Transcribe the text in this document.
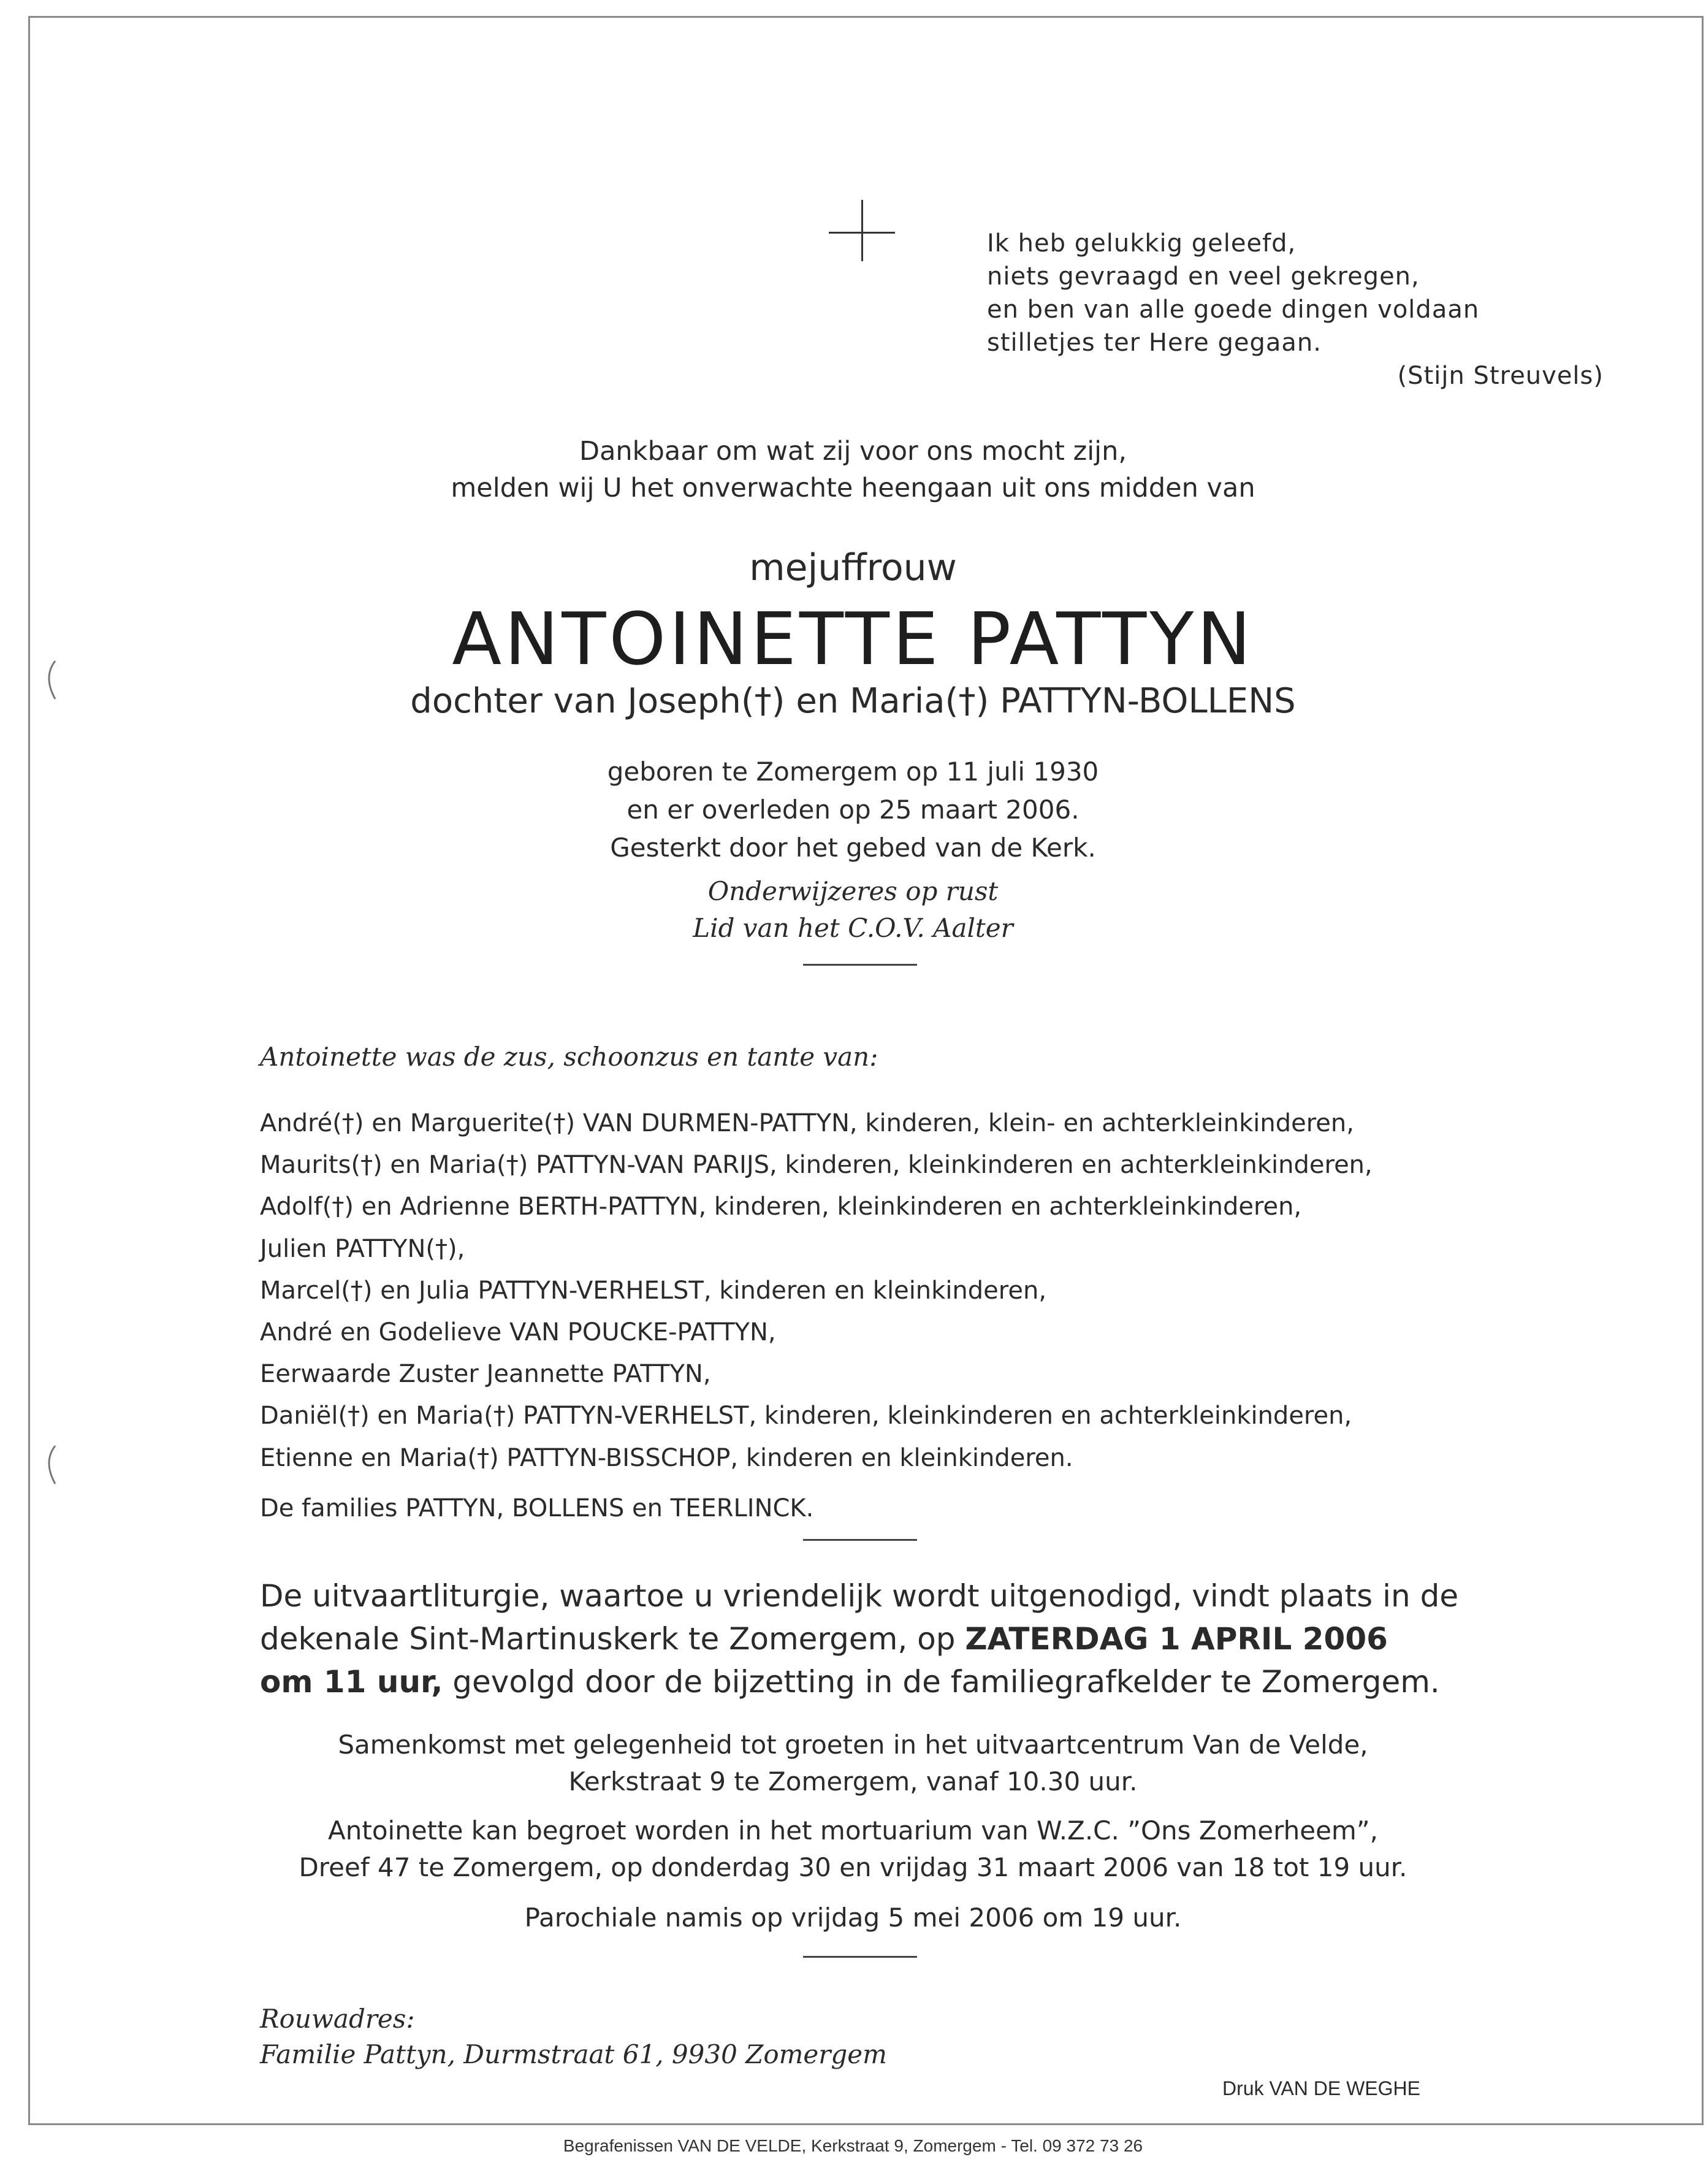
Ik heb gelukkig geleefd,
niets gevraagd en veel gekregen,
en ben van alle goede dingen voldaan
stilletjes ter Here gegaan.
(Stijn Streuvels)
Dankbaar om wat zij voor ons mocht zijn,
melden wij U het onverwachte heengaan uit ons midden van
mejuffrouw
ANTOINETTE PATTYN
dochter van Joseph(†) en Maria(†) PATTYN-BOLLENS
geboren te Zomergem op 11 juli 1930
en er overleden op 25 maart 2006.
Gesterkt door het gebed van de Kerk.
Onderwijzeres op rust
Lid van het C.O.V. Aalter
Antoinette was de zus, schoonzus en tante van:
André(†) en Marguerite(†) VAN DURMEN-PATTYN, kinderen, klein- en achterkleinkinderen,
Maurits(†) en Maria(†) PATTYN-VAN PARIJS, kinderen, kleinkinderen en achterkleinkinderen,
Adolf(†) en Adrienne BERTH-PATTYN, kinderen, kleinkinderen en achterkleinkinderen,
Julien PATTYN(†),
Marcel(†) en Julia PATTYN-VERHELST, kinderen en kleinkinderen,
André en Godelieve VAN POUCKE-PATTYN,
Eerwaarde Zuster Jeannette PATTYN,
Daniël(†) en Maria(†) PATTYN-VERHELST, kinderen, kleinkinderen en achterkleinkinderen,
Etienne en Maria(†) PATTYN-BISSCHOP, kinderen en kleinkinderen.
De families PATTYN, BOLLENS en TEERLINCK.
De uitvaartliturgie, waartoe u vriendelijk wordt uitgenodigd, vindt plaats in de
dekenale Sint-Martinuskerk te Zomergem, op ZATERDAG 1 APRIL 2006
om 11 uur, gevolgd door de bijzetting in de familiegrafkelder te Zomergem.
Samenkomst met gelegenheid tot groeten in het uitvaartcentrum Van de Velde,
Kerkstraat 9 te Zomergem, vanaf 10.30 uur.
Antoinette kan begroet worden in het mortuarium van W.Z.C. ”Ons Zomerheem”,
Dreef 47 te Zomergem, op donderdag 30 en vrijdag 31 maart 2006 van 18 tot 19 uur.
Parochiale namis op vrijdag 5 mei 2006 om 19 uur.
Rouwadres:
Familie Pattyn, Durmstraat 61, 9930 Zomergem
Druk VAN DE WEGHE
Begrafenissen VAN DE VELDE, Kerkstraat 9, Zomergem - Tel. 09 372 73 26
